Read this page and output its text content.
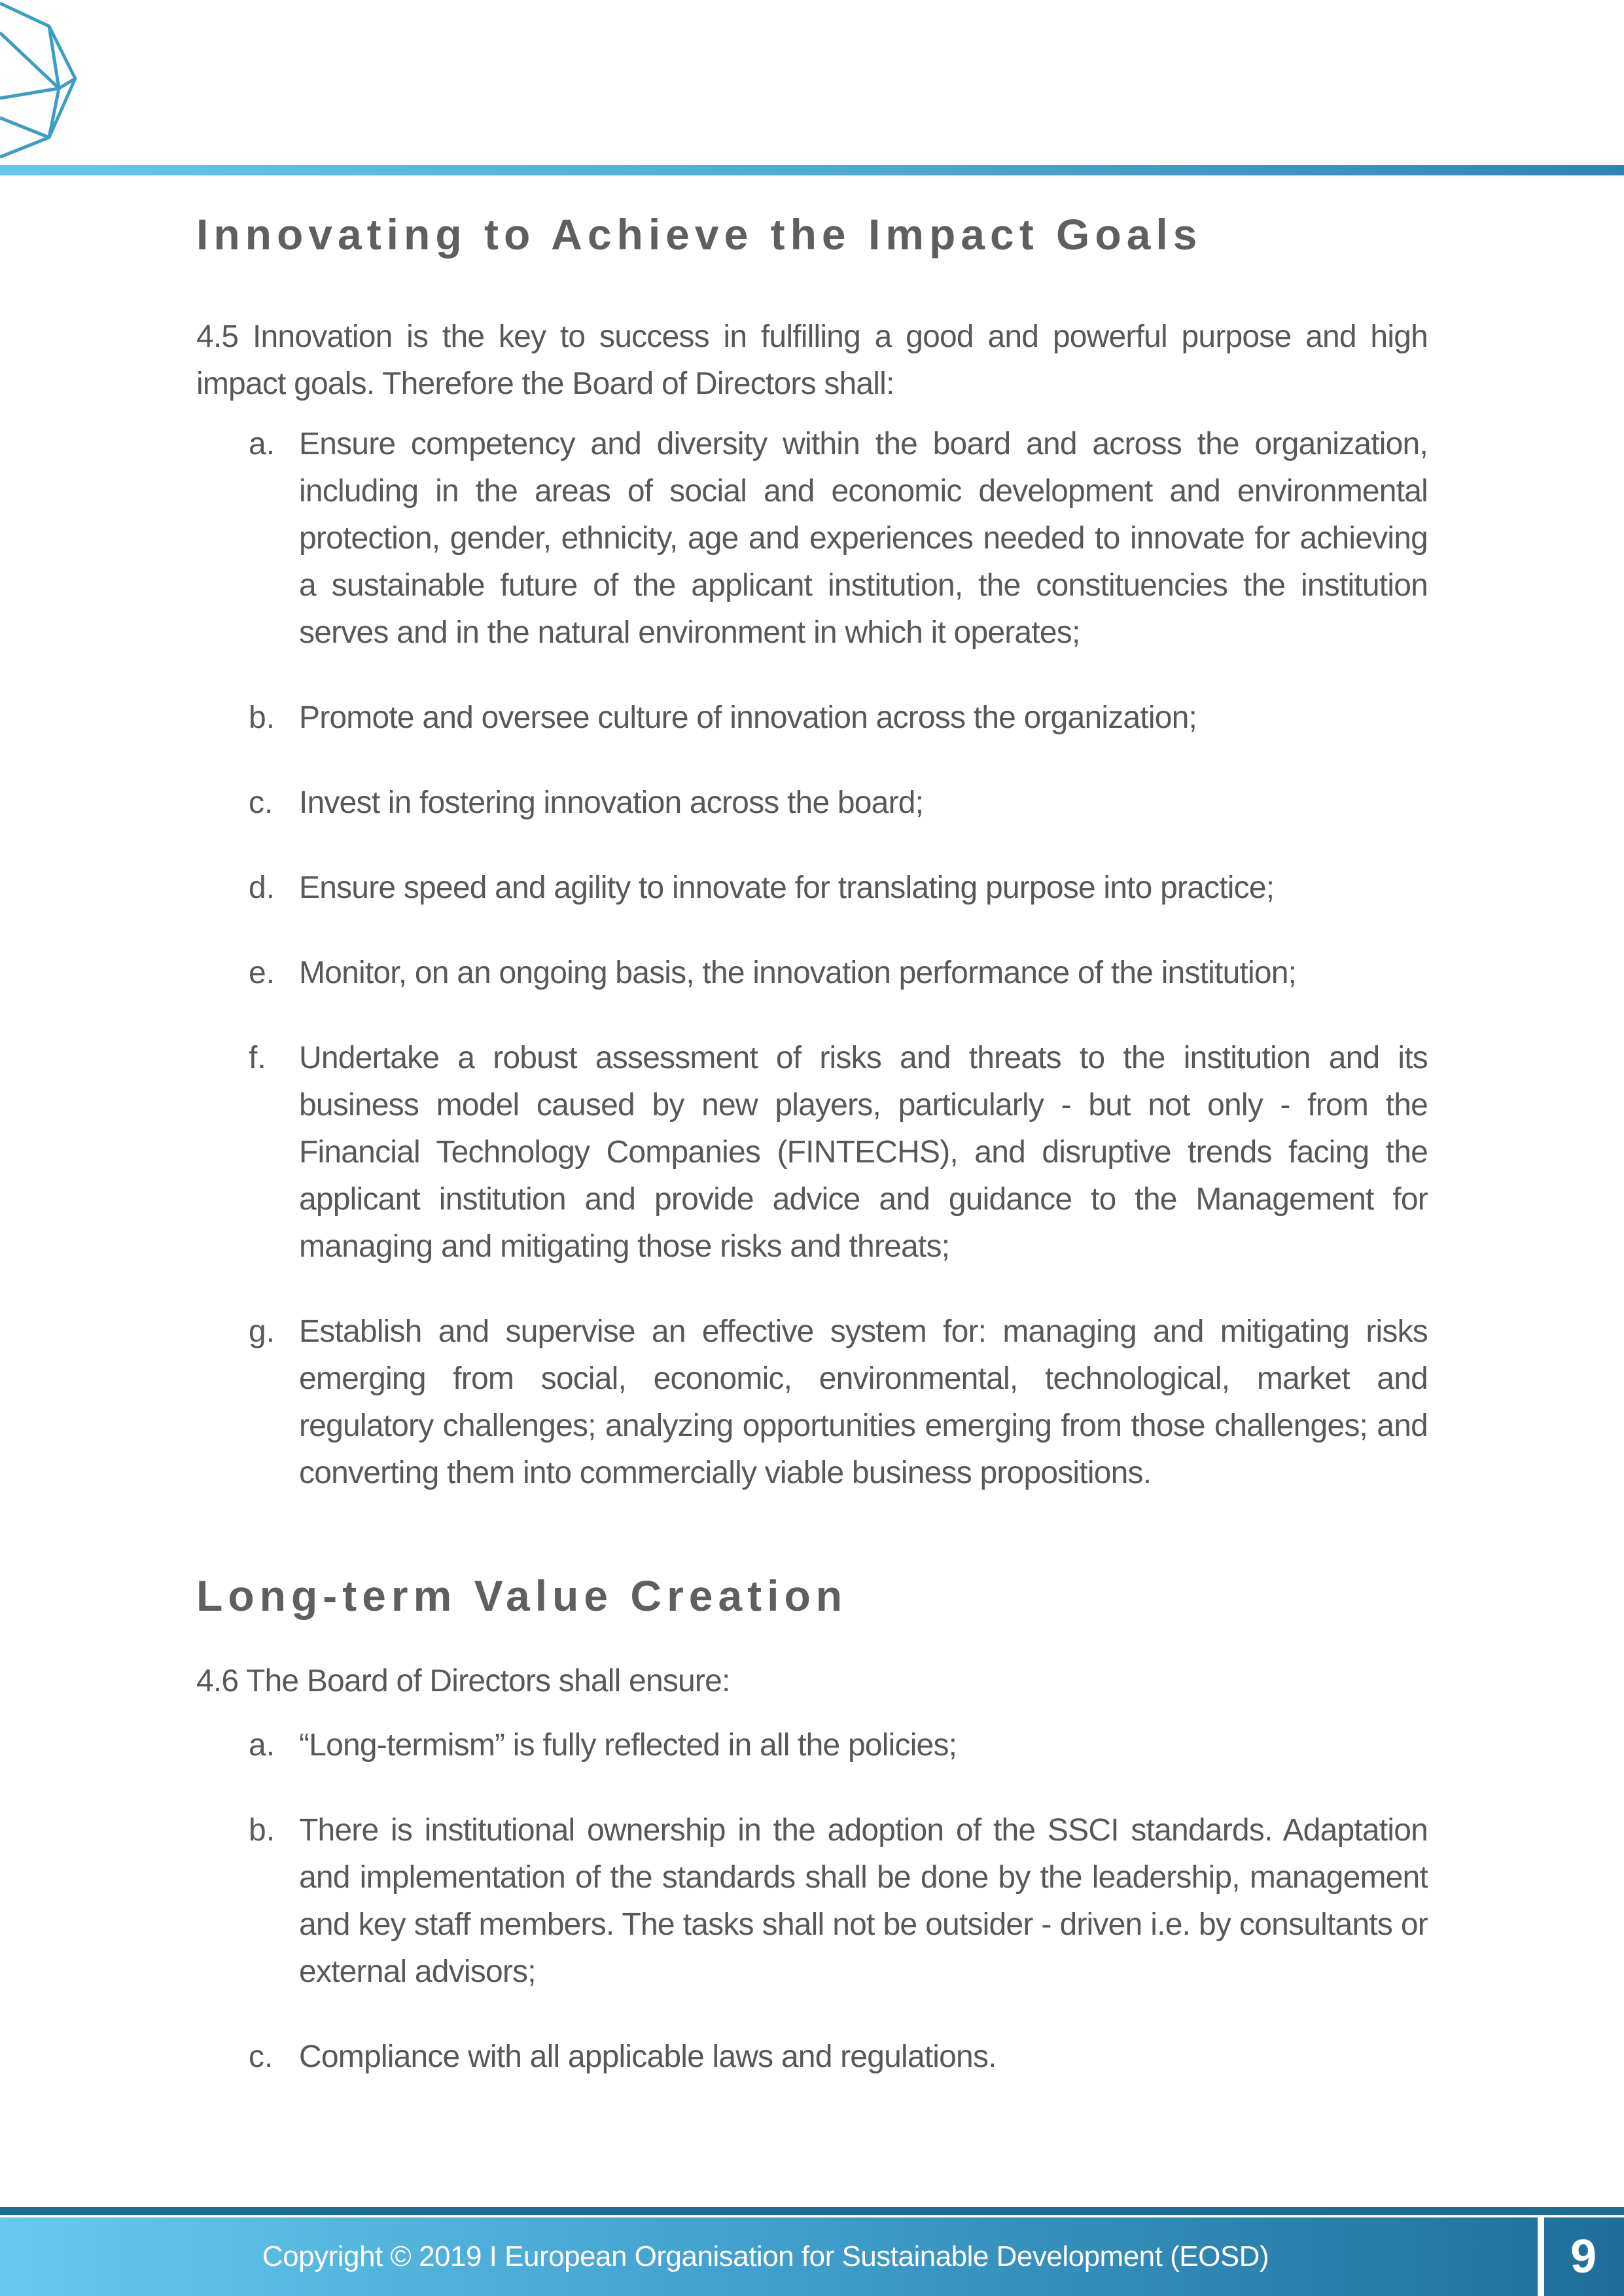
Innovating to Achieve the Impact Goals

4.5 Innovation is the key to success in fulfilling a good and powerful purpose and high impact goals. Therefore the Board of Directors shall:

a. Ensure competency and diversity within the board and across the organization, including in the areas of social and economic development and environmental protection, gender, ethnicity, age and experiences needed to innovate for achieving a sustainable future of the applicant institution, the constituencies the institution serves and in the natural environment in which it operates;
b. Promote and oversee culture of innovation across the organization;
c. Invest in fostering innovation across the board;
d. Ensure speed and agility to innovate for translating purpose into practice;
e. Monitor, on an ongoing basis, the innovation performance of the institution;
f.	Undertake a robust assessment of risks and threats to the institution and its business model caused by new players, particularly - but not only - from the Financial Technology Companies (FINTECHS), and disruptive trends facing the applicant institution and provide advice and guidance to the Management for managing and mitigating those risks and threats;
g. Establish and supervise an effective system for: managing and mitigating risks emerging from social, economic, environmental, technological, market and regulatory challenges; analyzing opportunities emerging from those challenges; and converting them into commercially viable business propositions.
Long-term Value Creation

4.6 The Board of Directors shall ensure:

a. “Long-termism” is fully reflected in all the policies;
b. There is institutional ownership in the adoption of the SSCI standards. Adaptation and implementation of the standards shall be done by the leadership, management and key staff members. The tasks shall not be outsider - driven i.e. by consultants or external advisors;
c. Compliance with all applicable laws and regulations.
Copyright © 2019 I European Organisation for Sustainable Development (EOSD)	9
